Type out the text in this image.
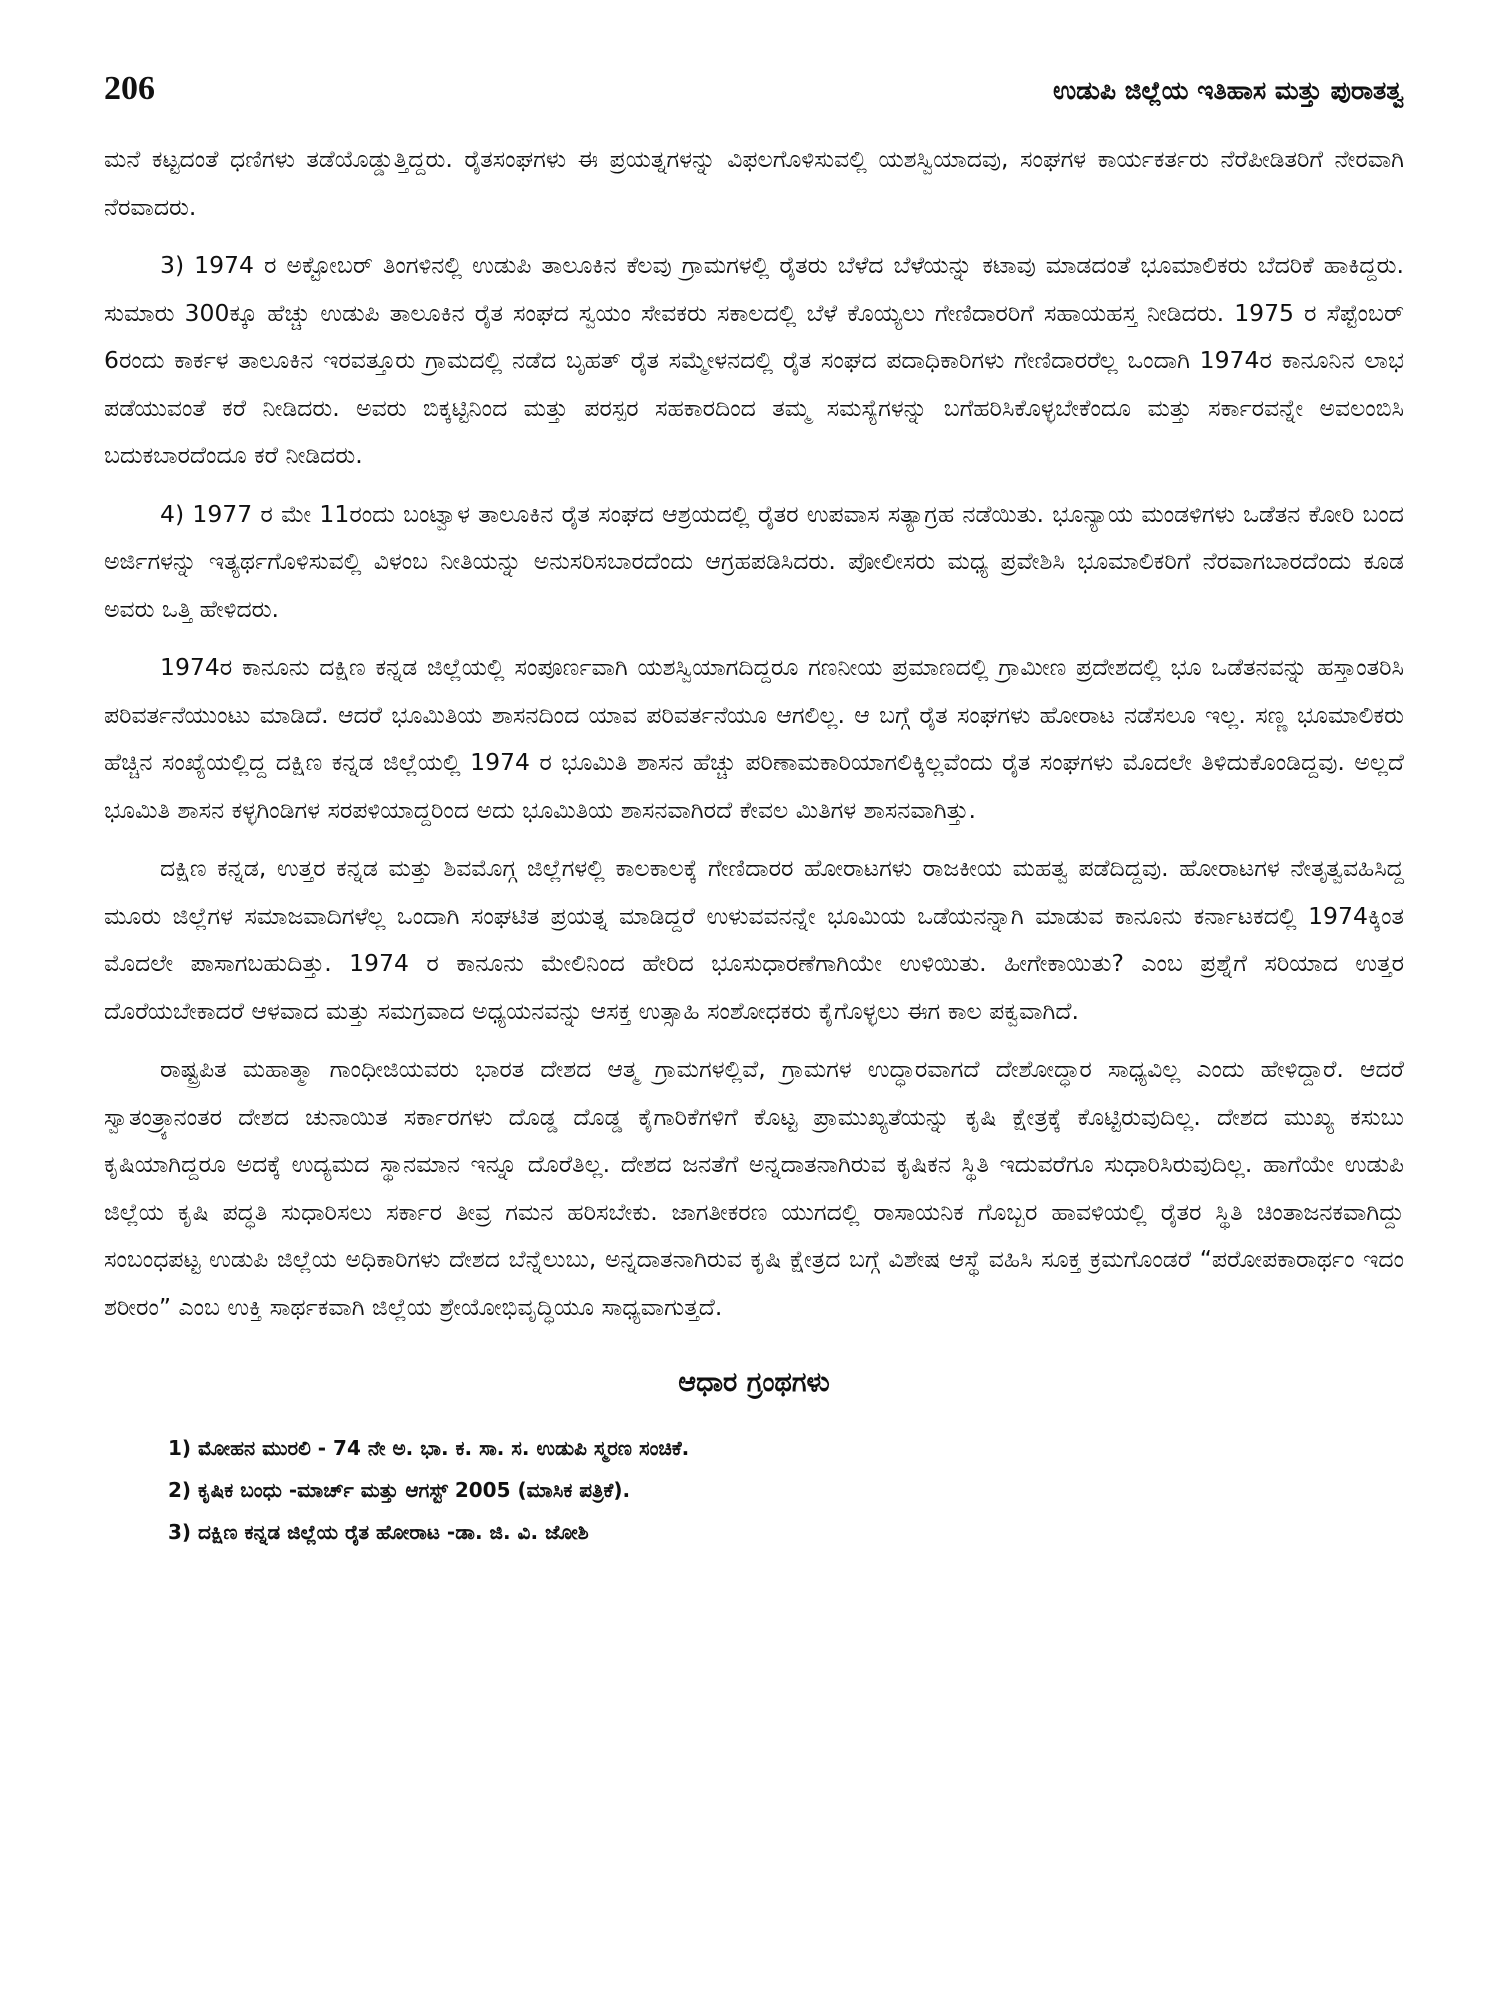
206	ಉಡುಪಿ ಜಿಲ್ಲೆಯ ಇತಿಹಾಸ ಮತ್ತು ಪುರಾತತ್ವ

ಮನೆ ಕಟ್ಟದಂತೆ ಧಣಿಗಳು ತಡೆಯೊಡ್ಡುತ್ತಿದ್ದರು. ರೈತಸಂಘಗಳು ಈ ಪ್ರಯತ್ನಗಳನ್ನು ವಿಫಲಗೊಳಿಸುವಲ್ಲಿ ಯಶಸ್ವಿಯಾದವು, ಸಂಘಗಳ ಕಾರ್ಯಕರ್ತರು ನೆರೆಪೀಡಿತರಿಗೆ ನೇರವಾಗಿ ನೆರವಾದರು.

3) 1974 ರ ಅಕ್ಟೋಬರ್ ತಿಂಗಳಿನಲ್ಲಿ ಉಡುಪಿ ತಾಲೂಕಿನ ಕೆಲವು ಗ್ರಾಮಗಳಲ್ಲಿ ರೈತರು ಬೆಳೆದ ಬೆಳೆಯನ್ನು ಕಟಾವು ಮಾಡದಂತೆ ಭೂಮಾಲಿಕರು ಬೆದರಿಕೆ ಹಾಕಿದ್ದರು. ಸುಮಾರು 300ಕ್ಕೂ ಹೆಚ್ಚು ಉಡುಪಿ ತಾಲೂಕಿನ ರೈತ ಸಂಘದ ಸ್ವಯಂ ಸೇವಕರು ಸಕಾಲದಲ್ಲಿ ಬೆಳೆ ಕೊಯ್ಯಲು ಗೇಣಿದಾರರಿಗೆ ಸಹಾಯಹಸ್ತ ನೀಡಿದರು. 1975 ರ ಸೆಪ್ಟೆಂಬರ್ 6ರಂದು ಕಾರ್ಕಳ ತಾಲೂಕಿನ ಇರವತ್ತೂರು ಗ್ರಾಮದಲ್ಲಿ ನಡೆದ ಬೃಹತ್ ರೈತ ಸಮ್ಮೇಳನದಲ್ಲಿ ರೈತ ಸಂಘದ ಪದಾಧಿಕಾರಿಗಳು ಗೇಣಿದಾರರೆಲ್ಲ ಒಂದಾಗಿ 1974ರ ಕಾನೂನಿನ ಲಾಭ ಪಡೆಯುವಂತೆ ಕರೆ ನೀಡಿದರು. ಅವರು ಬಿಕ್ಕಟ್ಟಿನಿಂದ ಮತ್ತು ಪರಸ್ಪರ ಸಹಕಾರದಿಂದ ತಮ್ಮ ಸಮಸ್ಯೆಗಳನ್ನು ಬಗೆಹರಿಸಿಕೊಳ್ಳಬೇಕೆಂದೂ ಮತ್ತು ಸರ್ಕಾರವನ್ನೇ ಅವಲಂಬಿಸಿ ಬದುಕಬಾರದೆಂದೂ ಕರೆ ನೀಡಿದರು.

4) 1977 ರ ಮೇ 11ರಂದು ಬಂಟ್ವಾಳ ತಾಲೂಕಿನ ರೈತ ಸಂಘದ ಆಶ್ರಯದಲ್ಲಿ ರೈತರ ಉಪವಾಸ ಸತ್ಯಾಗ್ರಹ ನಡೆಯಿತು. ಭೂನ್ಯಾಯ ಮಂಡಳಿಗಳು ಒಡೆತನ ಕೋರಿ ಬಂದ ಅರ್ಜಿಗಳನ್ನು ಇತ್ಯರ್ಥಗೊಳಿಸುವಲ್ಲಿ ವಿಳಂಬ ನೀತಿಯನ್ನು ಅನುಸರಿಸಬಾರದೆಂದು ಆಗ್ರಹಪಡಿಸಿದರು. ಪೋಲೀಸರು ಮಧ್ಯ ಪ್ರವೇಶಿಸಿ ಭೂಮಾಲಿಕರಿಗೆ ನೆರವಾಗಬಾರದೆಂದು ಕೂಡ ಅವರು ಒತ್ತಿ ಹೇಳಿದರು.

1974ರ ಕಾನೂನು ದಕ್ಷಿಣ ಕನ್ನಡ ಜಿಲ್ಲೆಯಲ್ಲಿ ಸಂಪೂರ್ಣವಾಗಿ ಯಶಸ್ವಿಯಾಗದಿದ್ದರೂ ಗಣನೀಯ ಪ್ರಮಾಣದಲ್ಲಿ ಗ್ರಾಮೀಣ ಪ್ರದೇಶದಲ್ಲಿ ಭೂ ಒಡೆತನವನ್ನು ಹಸ್ತಾಂತರಿಸಿ ಪರಿವರ್ತನೆಯುಂಟು ಮಾಡಿದೆ. ಆದರೆ ಭೂಮಿತಿಯ ಶಾಸನದಿಂದ ಯಾವ ಪರಿವರ್ತನೆಯೂ ಆಗಲಿಲ್ಲ. ಆ ಬಗ್ಗೆ ರೈತ ಸಂಘಗಳು ಹೋರಾಟ ನಡೆಸಲೂ ಇಲ್ಲ. ಸಣ್ಣ ಭೂಮಾಲಿಕರು ಹೆಚ್ಚಿನ ಸಂಖ್ಯೆಯಲ್ಲಿದ್ದ ದಕ್ಷಿಣ ಕನ್ನಡ ಜಿಲ್ಲೆಯಲ್ಲಿ 1974 ರ ಭೂಮಿತಿ ಶಾಸನ ಹೆಚ್ಚು ಪರಿಣಾಮಕಾರಿಯಾಗಲಿಕ್ಕಿಲ್ಲವೆಂದು ರೈತ ಸಂಘಗಳು ಮೊದಲೇ ತಿಳಿದುಕೊಂಡಿದ್ದವು. ಅಲ್ಲದೆ ಭೂಮಿತಿ ಶಾಸನ ಕಳ್ಳಗಿಂಡಿಗಳ ಸರಪಳಿಯಾದ್ದರಿಂದ ಅದು ಭೂಮಿತಿಯ ಶಾಸನವಾಗಿರದೆ ಕೇವಲ ಮಿತಿಗಳ ಶಾಸನವಾಗಿತ್ತು.

ದಕ್ಷಿಣ ಕನ್ನಡ, ಉತ್ತರ ಕನ್ನಡ ಮತ್ತು ಶಿವಮೊಗ್ಗ ಜಿಲ್ಲೆಗಳಲ್ಲಿ ಕಾಲಕಾಲಕ್ಕೆ ಗೇಣಿದಾರರ ಹೋರಾಟಗಳು ರಾಜಕೀಯ ಮಹತ್ವ ಪಡೆದಿದ್ದವು. ಹೋರಾಟಗಳ ನೇತೃತ್ವವಹಿಸಿದ್ದ ಮೂರು ಜಿಲ್ಲೆಗಳ ಸಮಾಜವಾದಿಗಳೆಲ್ಲ ಒಂದಾಗಿ ಸಂಘಟಿತ ಪ್ರಯತ್ನ ಮಾಡಿದ್ದರೆ ಉಳುವವನನ್ನೇ ಭೂಮಿಯ ಒಡೆಯನನ್ನಾಗಿ ಮಾಡುವ ಕಾನೂನು ಕರ್ನಾಟಕದಲ್ಲಿ 1974ಕ್ಕಿಂತ ಮೊದಲೇ ಪಾಸಾಗಬಹುದಿತ್ತು. 1974 ರ ಕಾನೂನು ಮೇಲಿನಿಂದ ಹೇರಿದ ಭೂಸುಧಾರಣೆಗಾಗಿಯೇ ಉಳಿಯಿತು. ಹೀಗೇಕಾಯಿತು? ಎಂಬ ಪ್ರಶ್ನೆಗೆ ಸರಿಯಾದ ಉತ್ತರ ದೊರೆಯಬೇಕಾದರೆ ಆಳವಾದ ಮತ್ತು ಸಮಗ್ರವಾದ ಅಧ್ಯಯನವನ್ನು ಆಸಕ್ತ ಉತ್ಸಾಹಿ ಸಂಶೋಧಕರು ಕೈಗೊಳ್ಳಲು ಈಗ ಕಾಲ ಪಕ್ವವಾಗಿದೆ.

ರಾಷ್ಟ್ರಪಿತ ಮಹಾತ್ಮಾ ಗಾಂಧೀಜಿಯವರು ಭಾರತ ದೇಶದ ಆತ್ಮ ಗ್ರಾಮಗಳಲ್ಲಿವೆ, ಗ್ರಾಮಗಳ ಉದ್ಧಾರವಾಗದೆ ದೇಶೋದ್ಧಾರ ಸಾಧ್ಯವಿಲ್ಲ ಎಂದು ಹೇಳಿದ್ದಾರೆ. ಆದರೆ ಸ್ವಾತಂತ್ರ್ಯಾನಂತರ ದೇಶದ ಚುನಾಯಿತ ಸರ್ಕಾರಗಳು ದೊಡ್ಡ ದೊಡ್ಡ ಕೈಗಾರಿಕೆಗಳಿಗೆ ಕೊಟ್ಟ ಪ್ರಾಮುಖ್ಯತೆಯನ್ನು ಕೃಷಿ ಕ್ಷೇತ್ರಕ್ಕೆ ಕೊಟ್ಟಿರುವುದಿಲ್ಲ. ದೇಶದ ಮುಖ್ಯ ಕಸುಬು ಕೃಷಿಯಾಗಿದ್ದರೂ ಅದಕ್ಕೆ ಉದ್ಯಮದ ಸ್ಥಾನಮಾನ ಇನ್ನೂ ದೊರೆತಿಲ್ಲ. ದೇಶದ ಜನತೆಗೆ ಅನ್ನದಾತನಾಗಿರುವ ಕೃಷಿಕನ ಸ್ಥಿತಿ ಇದುವರೆಗೂ ಸುಧಾರಿಸಿರುವುದಿಲ್ಲ. ಹಾಗೆಯೇ ಉಡುಪಿ ಜಿಲ್ಲೆಯ ಕೃಷಿ ಪದ್ಧತಿ ಸುಧಾರಿಸಲು ಸರ್ಕಾರ ತೀವ್ರ ಗಮನ ಹರಿಸಬೇಕು. ಜಾಗತೀಕರಣ ಯುಗದಲ್ಲಿ ರಾಸಾಯನಿಕ ಗೊಬ್ಬರ ಹಾವಳಿಯಲ್ಲಿ ರೈತರ ಸ್ಥಿತಿ ಚಿಂತಾಜನಕವಾಗಿದ್ದು ಸಂಬಂಧಪಟ್ಟ ಉಡುಪಿ ಜಿಲ್ಲೆಯ ಅಧಿಕಾರಿಗಳು ದೇಶದ ಬೆನ್ನೆಲುಬು, ಅನ್ನದಾತನಾಗಿರುವ ಕೃಷಿ ಕ್ಷೇತ್ರದ ಬಗ್ಗೆ ವಿಶೇಷ ಆಸ್ಥೆ ವಹಿಸಿ ಸೂಕ್ತ ಕ್ರಮಗೊಂಡರೆ “ಪರೋಪಕಾರಾರ್ಥಂ ಇದಂ ಶರೀರಂ” ಎಂಬ ಉಕ್ತಿ ಸಾರ್ಥಕವಾಗಿ ಜಿಲ್ಲೆಯ ಶ್ರೇಯೋಭಿವೃದ್ಧಿಯೂ ಸಾಧ್ಯವಾಗುತ್ತದೆ.

ಆಧಾರ ಗ್ರಂಥಗಳು
1) ಮೋಹನ ಮುರಲಿ - 74 ನೇ ಅ. ಭಾ. ಕ. ಸಾ. ಸ. ಉಡುಪಿ ಸ್ಮರಣ ಸಂಚಿಕೆ.
2) ಕೃಷಿಕ ಬಂಧು -ಮಾರ್ಚ್ ಮತ್ತು ಆಗಸ್ಟ್ 2005 (ಮಾಸಿಕ ಪತ್ರಿಕೆ).
3) ದಕ್ಷಿಣ ಕನ್ನಡ ಜಿಲ್ಲೆಯ ರೈತ ಹೋರಾಟ -ಡಾ. ಜಿ. ವಿ. ಜೋಶಿ
